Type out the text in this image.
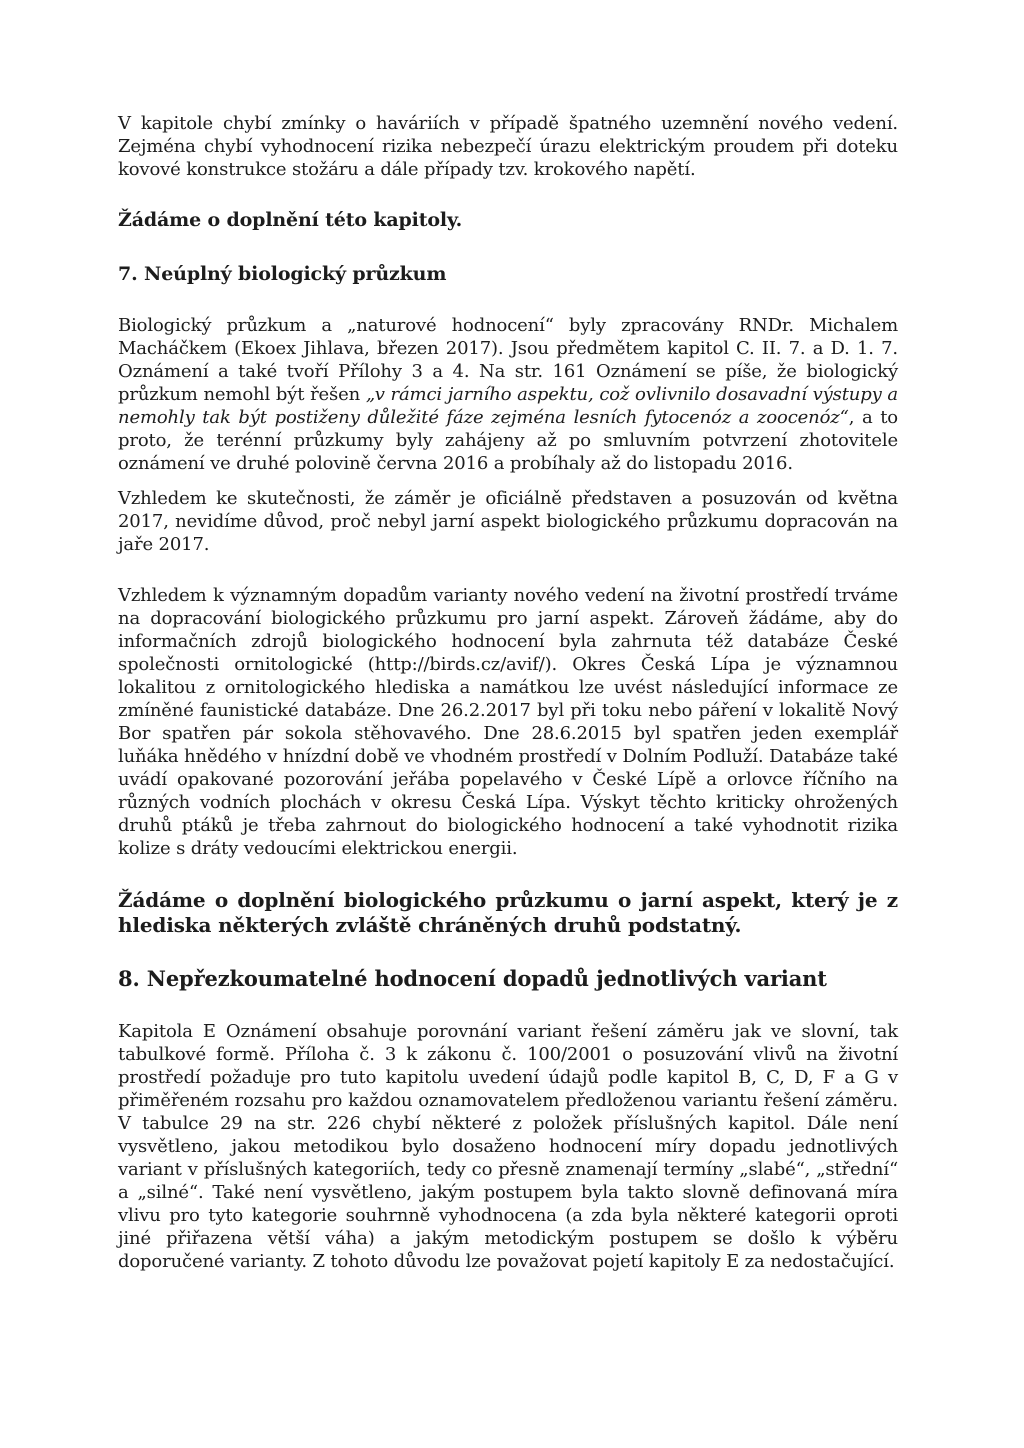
V kapitole chybí zmínky o haváriích v případě špatného uzemnění nového vedení. Zejména chybí vyhodnocení rizika nebezpečí úrazu elektrickým proudem při doteku kovové konstrukce stožáru a dále případy tzv. krokového napětí.

Žádáme o doplnění této kapitoly.

7. Neúplný biologický průzkum

Biologický průzkum a „naturové hodnocení“ byly zpracovány RNDr. Michalem Macháčkem (Ekoex Jihlava, březen 2017). Jsou předmětem kapitol C. II. 7. a D. 1. 7. Oznámení a také tvoří Přílohy 3 a 4. Na str. 161 Oznámení se píše, že biologický průzkum nemohl být řešen „v rámci jarního aspektu, což ovlivnilo dosavadní výstupy a nemohly tak být postiženy důležité fáze zejména lesních fytocenóz a zoocenóz“, a to proto, že terénní průzkumy byly zahájeny až po smluvním potvrzení zhotovitele oznámení ve druhé polovině června 2016 a probíhaly až do listopadu 2016.

Vzhledem ke skutečnosti, že záměr je oficiálně představen a posuzován od května 2017, nevidíme důvod, proč nebyl jarní aspekt biologického průzkumu dopracován na jaře 2017.

Vzhledem k významným dopadům varianty nového vedení na životní prostředí trváme na dopracování biologického průzkumu pro jarní aspekt. Zároveň žádáme, aby do informačních zdrojů biologického hodnocení byla zahrnuta též databáze České společnosti ornitologické (http://birds.cz/avif/). Okres Česká Lípa je významnou lokalitou z ornitologického hlediska a namátkou lze uvést následující informace ze zmíněné faunistické databáze. Dne 26.2.2017 byl při toku nebo páření v lokalitě Nový Bor spatřen pár sokola stěhovavého. Dne 28.6.2015 byl spatřen jeden exemplář luňáka hnědého v hnízdní době ve vhodném prostředí v Dolním Podluží. Databáze také uvádí opakované pozorování jeřába popelavého v České Lípě a orlovce říčního na různých vodních plochách v okresu Česká Lípa. Výskyt těchto kriticky ohrožených druhů ptáků je třeba zahrnout do biologického hodnocení a také vyhodnotit rizika kolize s dráty vedoucími elektrickou energii.

Žádáme o doplnění biologického průzkumu o jarní aspekt, který je z hlediska některých zvláště chráněných druhů podstatný.

8. Nepřezkoumatelné hodnocení dopadů jednotlivých variant

Kapitola E Oznámení obsahuje porovnání variant řešení záměru jak ve slovní, tak tabulkové formě. Příloha č. 3 k zákonu č. 100/2001 o posuzování vlivů na životní prostředí požaduje pro tuto kapitolu uvedení údajů podle kapitol B, C, D, F a G v přiměřeném rozsahu pro každou oznamovatelem předloženou variantu řešení záměru. V tabulce 29 na str. 226 chybí některé z položek příslušných kapitol. Dále není vysvětleno, jakou metodikou bylo dosaženo hodnocení míry dopadu jednotlivých variant v příslušných kategoriích, tedy co přesně znamenají termíny „slabé“, „střední“ a „silné“. Také není vysvětleno, jakým postupem byla takto slovně definovaná míra vlivu pro tyto kategorie souhrnně vyhodnocena (a zda byla některé kategorii oproti jiné přiřazena větší váha) a jakým metodickým postupem se došlo k výběru doporučené varianty. Z tohoto důvodu lze považovat pojetí kapitoly E za nedostačující.
